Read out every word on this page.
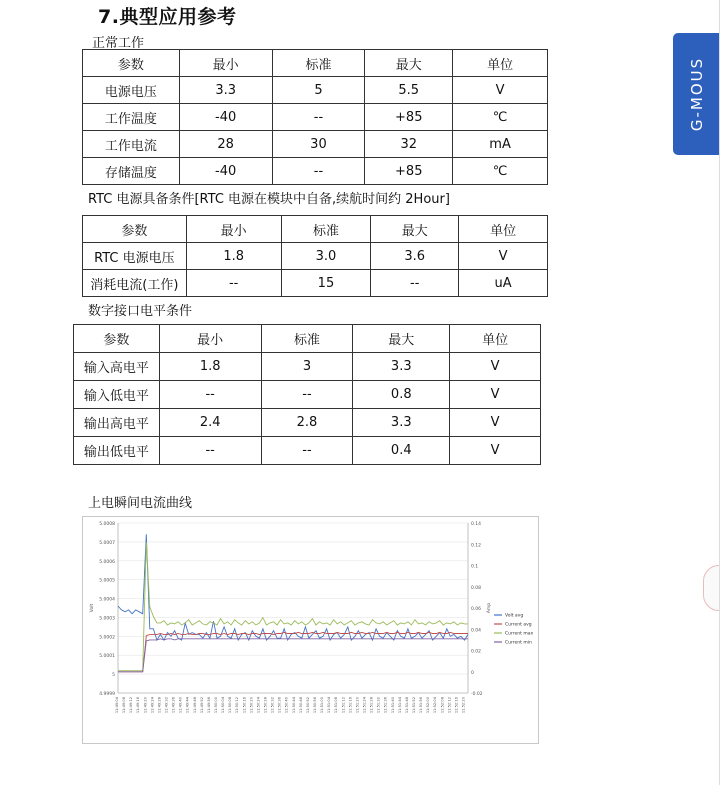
7.典型应用参考
G-MOUS
正常工作
参数	最小	标准	最大	单位
电源电压	3.3	5	5.5	V
工作温度	-40	--	+85	℃
工作电流	28	30	32	mA
存储温度	-40	--	+85	℃
RTC 电源具备条件[RTC 电源在模块中自备,续航时间约 2Hour]
参数	最小	标准	最大	单位
RTC 电源电压	1.8	3.0	3.6	V
消耗电流(工作)	--	15	--	uA
数字接口电平条件
参数	最小	标准	最大	单位
输入高电平	1.8	3	3.3	V
输入低电平	--	--	0.8	V
输出高电平	2.4	2.8	3.3	V
输出低电平	--	--	0.4	V
上电瞬间电流曲线
4.9999
5
5.0001
5.0002
5.0003
5.0004
5.0005
5.0006
5.0007
5.0008
-0.02
0
0.02
0.04
0.06
0.08
0.1
0.12
0.14
Volt	Amp
11:49:04 11:49:08 11:49:12 11:49:16 11:49:20 11:49:24 11:49:28 11:49:32 11:49:36 11:49:40 11:49:44 11:49:48 11:49:52 11:49:56 11:50:00 11:50:04 11:50:08 11:50:12 11:50:16 11:50:20 11:50:24 11:50:28 11:50:32 11:50:36 11:50:40 11:50:44 11:50:48 11:50:52 11:50:56 11:51:00 11:51:04 11:51:08 11:51:12 11:51:16 11:51:20 11:51:24 11:51:28 11:51:32 11:51:36 11:51:40 11:51:44 11:51:48 11:51:52 11:51:56 11:52:00 11:52:04 11:52:08 11:52:12 11:52:16 11:52:20
Volt avg
Current avg
Current max
Current min
